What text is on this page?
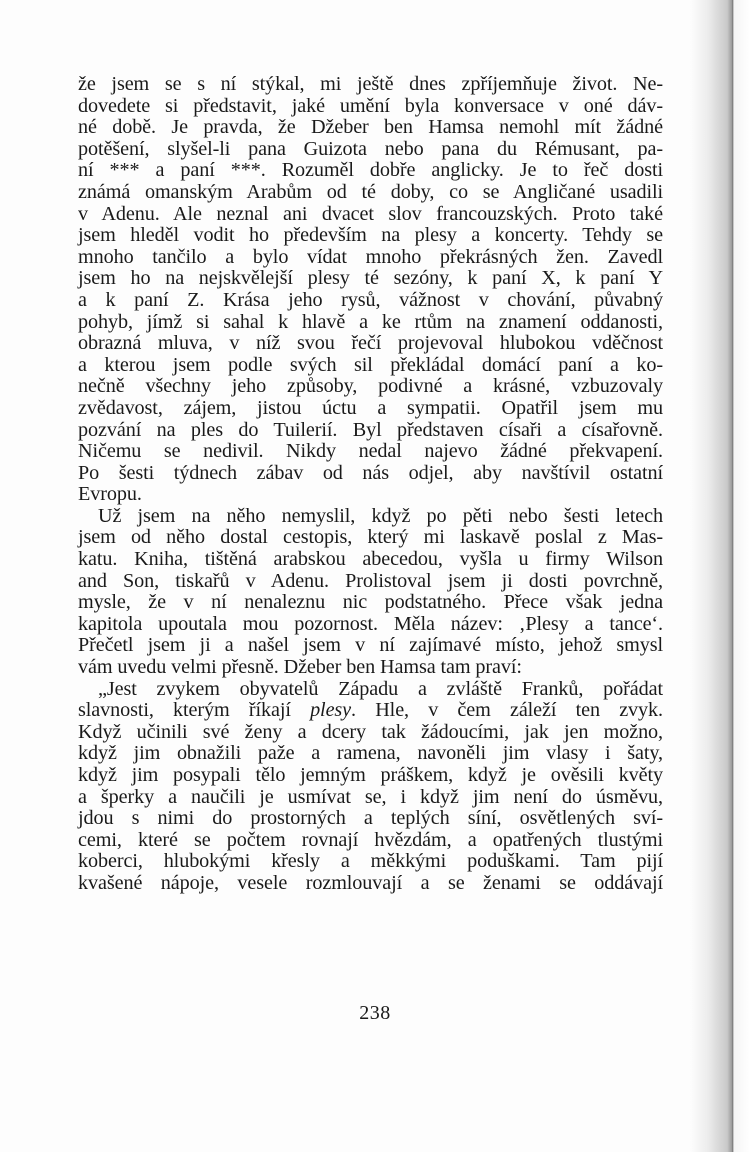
že jsem se s ní stýkal, mi ještě dnes zpříjemňuje život. Ne-
dovedete si představit, jaké umění byla konversace v oné dáv-
né době. Je pravda, že Džeber ben Hamsa nemohl mít žádné
potěšení, slyšel-li pana Guizota nebo pana du Rémusant, pa-
ní *** a paní ***. Rozuměl dobře anglicky. Je to řeč dosti
známá omanským Arabům od té doby, co se Angličané usadili
v Adenu. Ale neznal ani dvacet slov francouzských. Proto také
jsem hleděl vodit ho především na plesy a koncerty. Tehdy se
mnoho tančilo a bylo vídat mnoho překrásných žen. Zavedl
jsem ho na nejskvělejší plesy té sezóny, k paní X, k paní Y
a k paní Z. Krása jeho rysů, vážnost v chování, půvabný
pohyb, jímž si sahal k hlavě a ke rtům na znamení oddanosti,
obrazná mluva, v níž svou řečí projevoval hlubokou vděčnost
a kterou jsem podle svých sil překládal domácí paní a ko-
nečně všechny jeho způsoby, podivné a krásné, vzbuzovaly
zvědavost, zájem, jistou úctu a sympatii. Opatřil jsem mu
pozvání na ples do Tuilerií. Byl představen císaři a císařovně.
Ničemu se nedivil. Nikdy nedal najevo žádné překvapení.
Po šesti týdnech zábav od nás odjel, aby navštívil ostatní
Evropu.
Už jsem na něho nemyslil, když po pěti nebo šesti letech
jsem od něho dostal cestopis, který mi laskavě poslal z Mas-
katu. Kniha, tištěná arabskou abecedou, vyšla u firmy Wilson
and Son, tiskařů v Adenu. Prolistoval jsem ji dosti povrchně,
mysle, že v ní nenaleznu nic podstatného. Přece však jedna
kapitola upoutala mou pozornost. Měla název: ‚Plesy a tance‘.
Přečetl jsem ji a našel jsem v ní zajímavé místo, jehož smysl
vám uvedu velmi přesně. Džeber ben Hamsa tam praví:
„Jest zvykem obyvatelů Západu a zvláště Franků, pořádat
slavnosti, kterým říkají plesy. Hle, v čem záleží ten zvyk.
Když učinili své ženy a dcery tak žádoucími, jak jen možno,
když jim obnažili paže a ramena, navoněli jim vlasy i šaty,
když jim posypali tělo jemným práškem, když je ověsili květy
a šperky a naučili je usmívat se, i když jim není do úsměvu,
jdou s nimi do prostorných a teplých síní, osvětlených sví-
cemi, které se počtem rovnají hvězdám, a opatřených tlustými
koberci, hlubokými křesly a měkkými poduškami. Tam pijí
kvašené nápoje, vesele rozmlouvají a se ženami se oddávají
238
